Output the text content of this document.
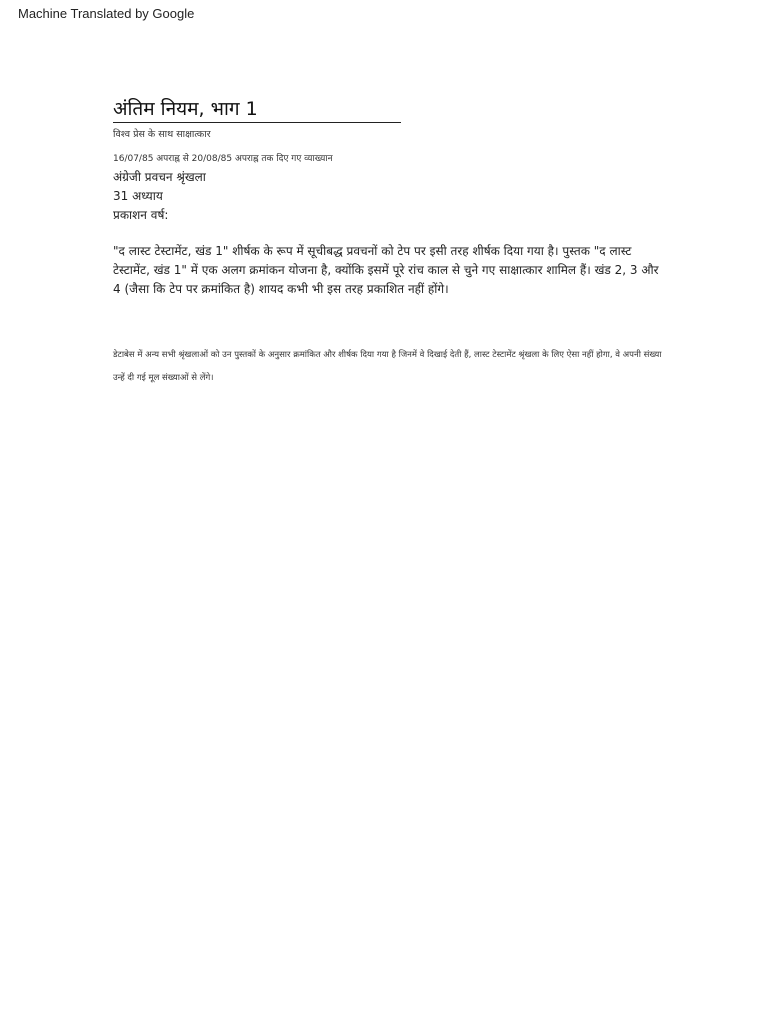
Machine Translated by Google
अंतिम नियम, भाग 1
विश्व प्रेस के साथ साक्षात्कार
16/07/85 अपराह्न से 20/08/85 अपराह्न तक दिए गए व्याख्यान
अंग्रेजी प्रवचन श्रृंखला
31 अध्याय
प्रकाशन वर्ष:
"द लास्ट टेस्टामेंट, खंड 1" शीर्षक के रूप में सूचीबद्ध प्रवचनों को टेप पर इसी तरह शीर्षक दिया गया है। पुस्तक "द लास्ट टेस्टामेंट, खंड 1" में एक अलग क्रमांकन योजना है, क्योंकि इसमें पूरे रांच काल से चुने गए साक्षात्कार शामिल हैं। खंड 2, 3 और 4 (जैसा कि टेप पर क्रमांकित है) शायद कभी भी इस तरह प्रकाशित नहीं होंगे।
डेटाबेस में अन्य सभी श्रृंखलाओं को उन पुस्तकों के अनुसार क्रमांकित और शीर्षक दिया गया है जिनमें वे दिखाई देती हैं, लास्ट टेस्टामेंट श्रृंखला के लिए ऐसा नहीं होगा, वे अपनी संख्या उन्हें दी गई मूल संख्याओं से लेंगे।
